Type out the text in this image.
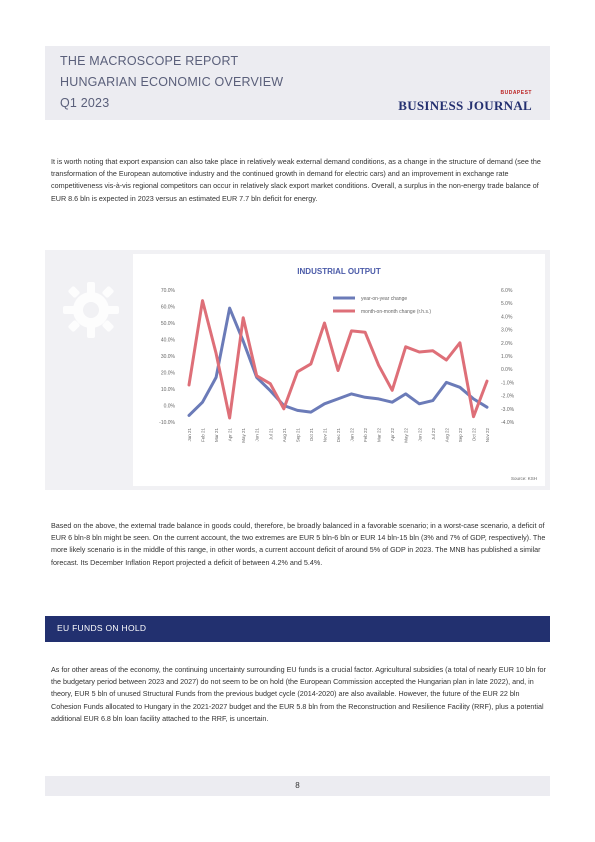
THE MACROSCOPE REPORT
HUNGARIAN ECONOMIC OVERVIEW
Q1 2023
BUDAPEST
BUSINESS JOURNAL

It is worth noting that export expansion can also take place in relatively weak external demand conditions, as a change in the structure of demand (see the transformation of the European automotive industry and the continued growth in demand for electric cars) and an improvement in exchange rate competitiveness vis-à-vis regional competitors can occur in relatively slack export market conditions. Overall, a surplus in the non-energy trade balance of EUR 8.6 bln is expected in 2023 versus an estimated EUR 7.7 bln deficit for energy.

INDUSTRIAL OUTPUT
Source: KSH
70.0%
60.0%
50.0%
40.0%
30.0%
20.0%
10.0%
0.0%
-10.0%
6.0%
5.0%
4.0%
3.0%
2.0%
1.0%
0.0%
-1.0%
-2.0%
-3.0%
-4.0%
Jan 21 Feb 21 Mar 21 Apr 21 May 21 Jun 21 Jul 21 Aug 21 Sep 21 Oct 21 Nov 21 Dec 21 Jan 22 Feb 22 Mar 22 Apr 22 May 22 Jun 22 Jul 22 Aug 22 Sep 22 Oct 22 Nov 22
year-on-year change
month-on-month change (r.h.s.)

Based on the above, the external trade balance in goods could, therefore, be broadly balanced in a favorable scenario; in a worst-case scenario, a deficit of EUR 6 bln-8 bln might be seen. On the current account, the two extremes are EUR 5 bln-6 bln or EUR 14 bln-15 bln (3% and 7% of GDP, respectively). The more likely scenario is in the middle of this range, in other words, a current account deficit of around 5% of GDP in 2023. The MNB has published a similar forecast. Its December Inflation Report projected a deficit of between 4.2% and 5.4%.

EU FUNDS ON HOLD

As for other areas of the economy, the continuing uncertainty surrounding EU funds is a crucial factor. Agricultural subsidies (a total of nearly EUR 10 bln for the budgetary period between 2023 and 2027) do not seem to be on hold (the European Commission accepted the Hungarian plan in late 2022), and, in theory, EUR 5 bln of unused Structural Funds from the previous budget cycle (2014-2020) are also available. However, the future of the EUR 22 bln Cohesion Funds allocated to Hungary in the 2021-2027 budget and the EUR 5.8 bln from the Reconstruction and Resilience Facility (RRF), plus a potential additional EUR 6.8 bln loan facility attached to the RRF, is uncertain.

8
